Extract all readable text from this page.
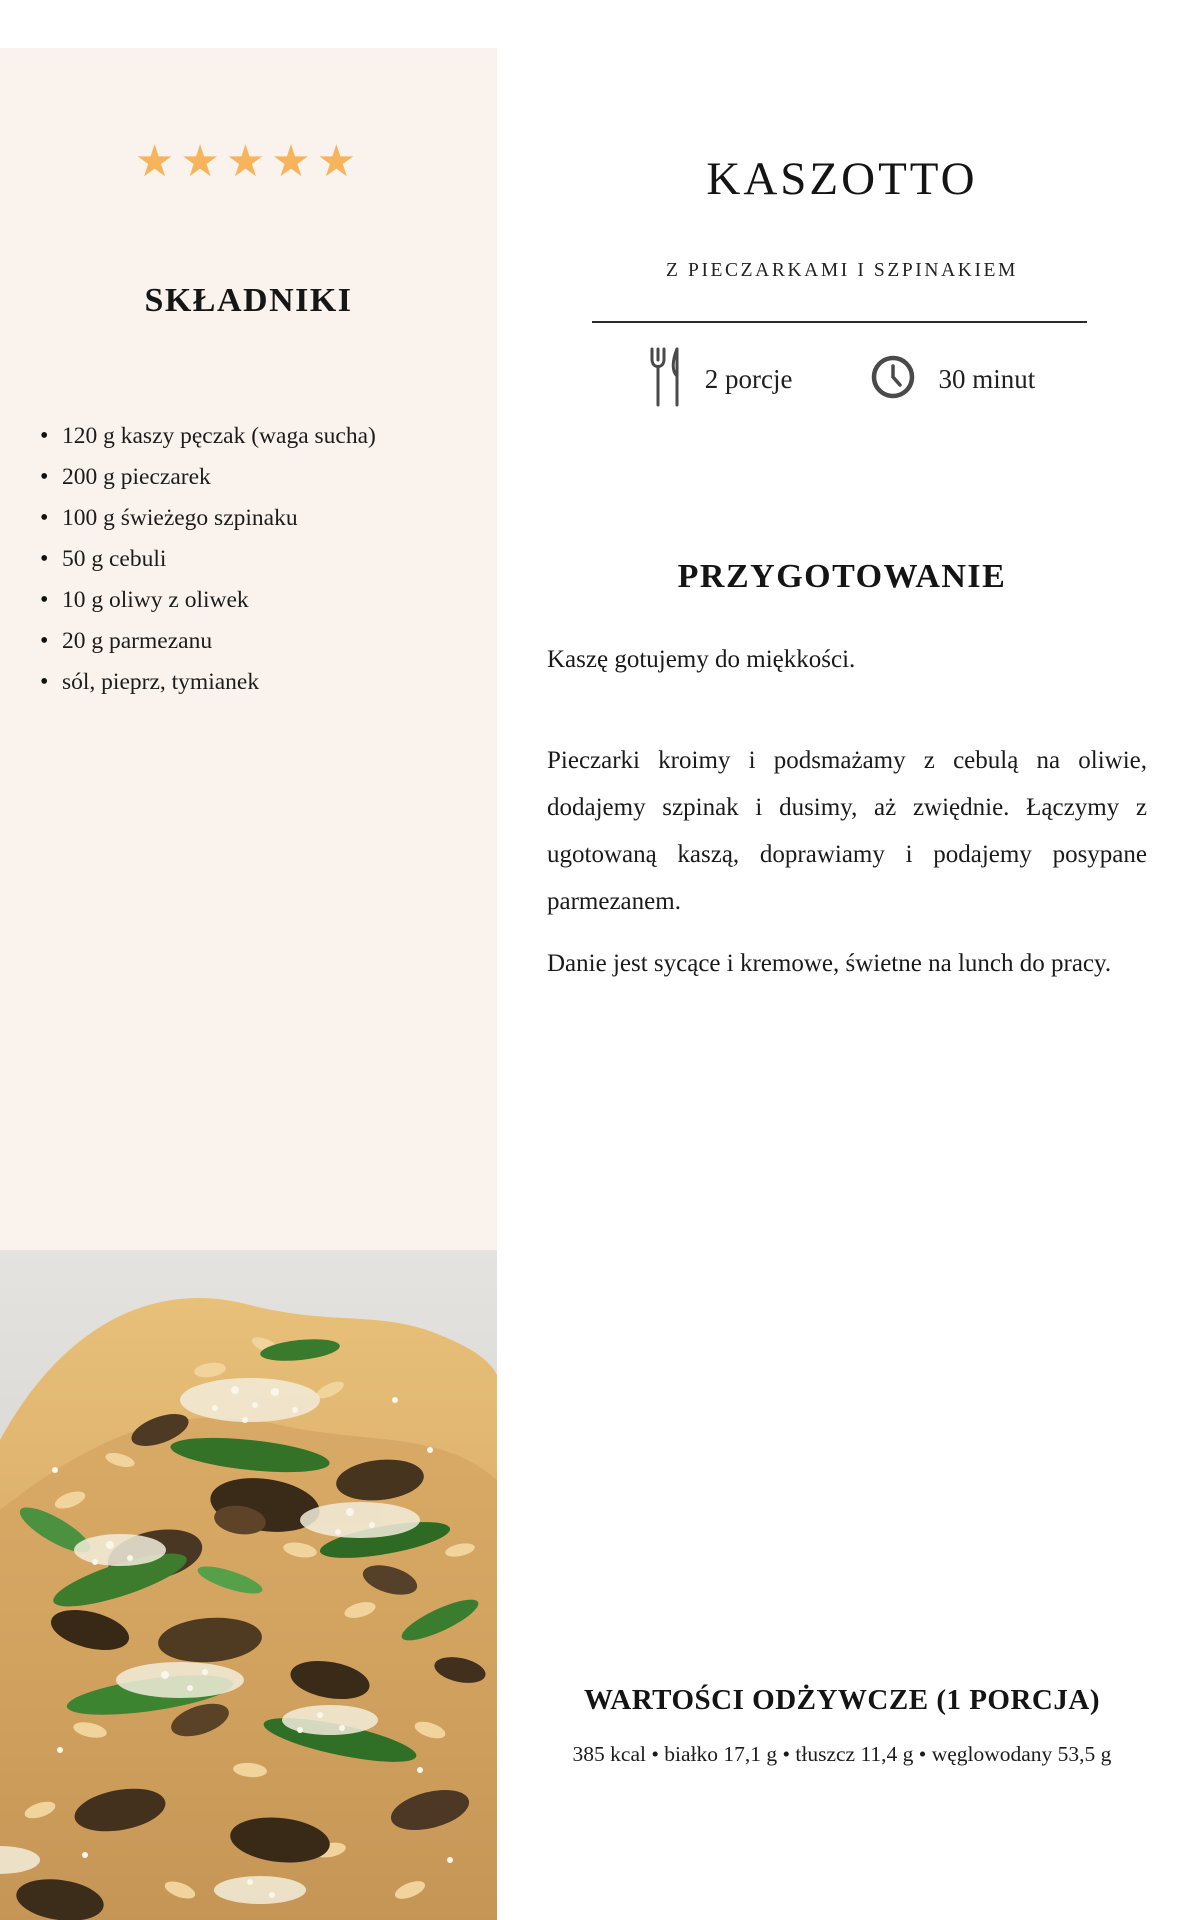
★★★★★
SKŁADNIKI
• 120 g kaszy pęczak (waga sucha)
• 200 g pieczarek
• 100 g świeżego szpinaku
• 50 g cebuli
• 10 g oliwy z oliwek
• 20 g parmezanu
• sól, pieprz, tymianek
KASZOTTO
Z PIECZARKAMI I SZPINAKIEM
2 porcje	30 minut
PRZYGOTOWANIE

Kaszę gotujemy do miękkości.

Pieczarki kroimy i podsmażamy z cebulą na oliwie, dodajemy szpinak i dusimy, aż zwiędnie. Łączymy z ugotowaną kaszą, doprawiamy i podajemy posypane parmezanem.

Danie jest sycące i kremowe, świetne na lunch do pracy.

WARTOŚCI ODŻYWCZE (1 PORCJA)
385 kcal • białko 17,1 g • tłuszcz 11,4 g • węglowodany 53,5 g
